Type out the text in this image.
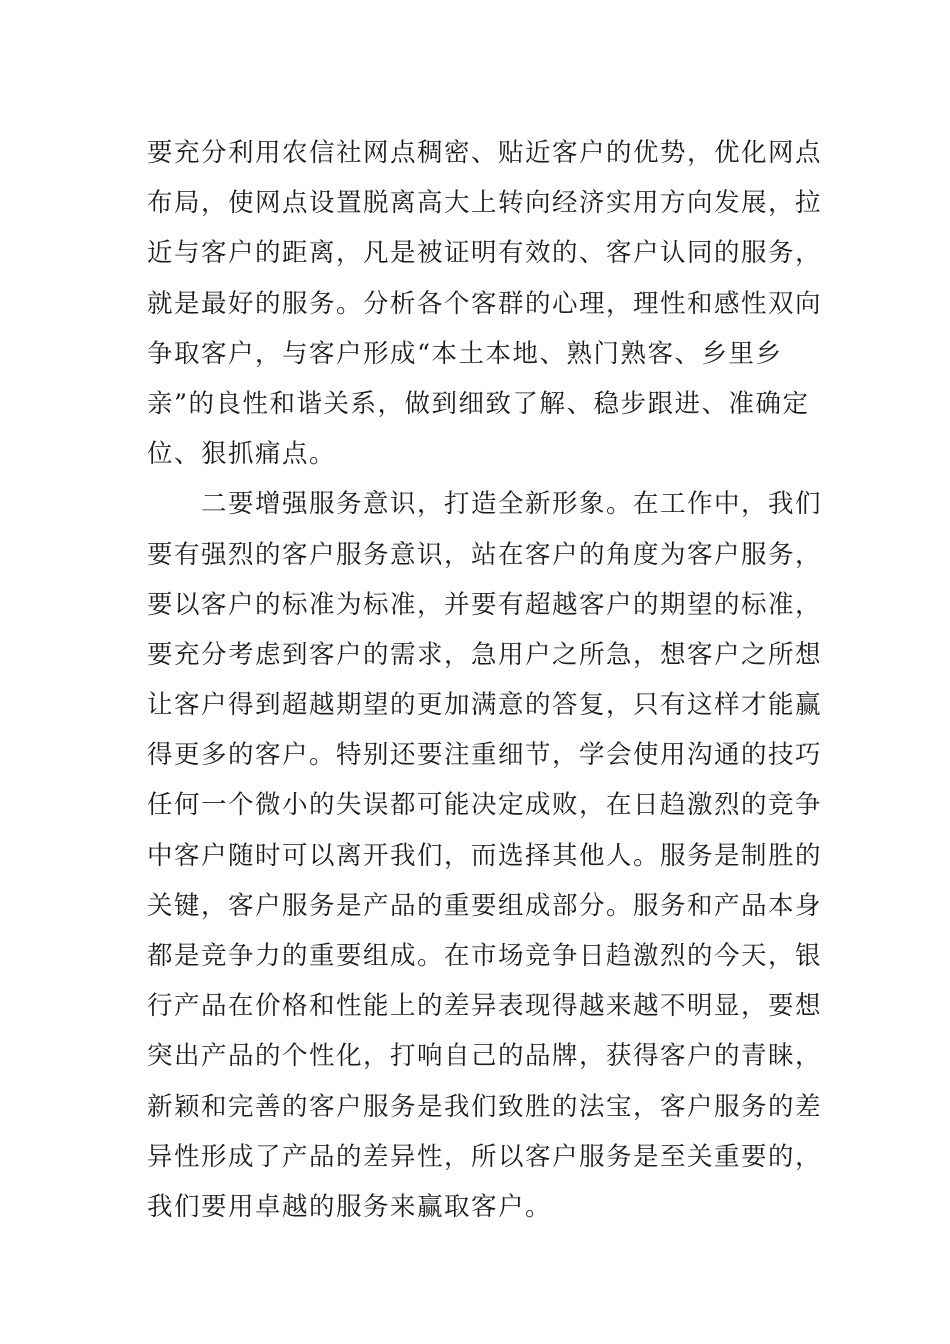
要充分利用农信社网点稠密、贴近客户的优势，优化网点
布局，使网点设置脱离高大上转向经济实用方向发展，拉
近与客户的距离，凡是被证明有效的、客户认同的服务，
就是最好的服务。分析各个客群的心理，理性和感性双向
争取客户，与客户形成“本土本地、熟门熟客、乡里乡
亲”的良性和谐关系，做到细致了解、稳步跟进、准确定
位、狠抓痛点。
　　二要增强服务意识，打造全新形象。在工作中，我们
要有强烈的客户服务意识，站在客户的角度为客户服务，
要以客户的标准为标准，并要有超越客户的期望的标准，
要充分考虑到客户的需求，急用户之所急，想客户之所想
让客户得到超越期望的更加满意的答复，只有这样才能赢
得更多的客户。特别还要注重细节，学会使用沟通的技巧
任何一个微小的失误都可能决定成败，在日趋激烈的竞争
中客户随时可以离开我们，而选择其他人。服务是制胜的
关键，客户服务是产品的重要组成部分。服务和产品本身
都是竞争力的重要组成。在市场竞争日趋激烈的今天，银
行产品在价格和性能上的差异表现得越来越不明显，要想
突出产品的个性化，打响自己的品牌，获得客户的青睐，
新颖和完善的客户服务是我们致胜的法宝，客户服务的差
异性形成了产品的差异性，所以客户服务是至关重要的，
我们要用卓越的服务来赢取客户。
